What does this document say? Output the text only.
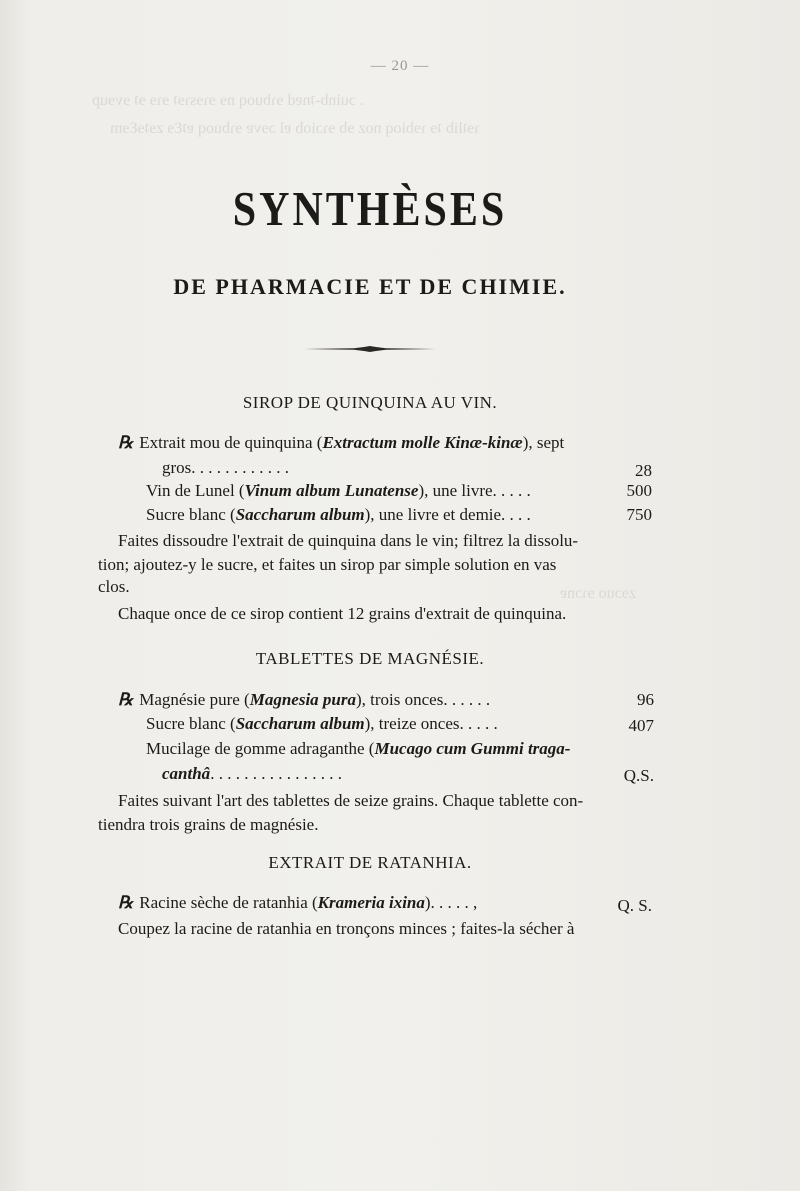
. ↄuinb-ʇnɐd ɘɿbuoq nɘ ɘɿɘsɿɘʇ ɘɿɘ ɘʇ ɘvɘup
ɿɘʇlib ʇɘ ɿɘbioq noz ɘb ɘɿɔiob ɐl ɔɘvɐ ɘɿbuoq ɐʇƐɘ zɘʇɘƐɘm
zɘɔuo ɘɿɔnɐ
— 20 —
SYNTHÈSES
DE PHARMACIE ET DE CHIMIE.
SIROP DE QUINQUINA AU VIN.
℞ Extrait mou de quinquina (Extractum molle Kinæ-kinæ), sept
gros. . . . . . . . . . . .	28
Vin de Lunel (Vinum album Lunatense), une livre. . . . .	500
Sucre blanc (Saccharum album), une livre et demie. . . .	750
Faites dissoudre l'extrait de quinquina dans le vin; filtrez la dissolu-
tion; ajoutez-y le sucre, et faites un sirop par simple solution en vas
clos.
Chaque once de ce sirop contient 12 grains d'extrait de quinquina.
TABLETTES DE MAGNÉSIE.
℞ Magnésie pure (Magnesia pura), trois onces. . . . . .	96
Sucre blanc (Saccharum album), treize onces. . . . .	407
Mucilage de gomme adraganthe (Mucago cum Gummi traga-
canthâ. . . . . . . . . . . . . . . .	Q.S.
Faites suivant l'art des tablettes de seize grains. Chaque tablette con-
tiendra trois grains de magnésie.
EXTRAIT DE RATANHIA.
℞ Racine sèche de ratanhia (Krameria ixina). . . . . ,	Q. S.
Coupez la racine de ratanhia en tronçons minces ; faites-la sécher à
